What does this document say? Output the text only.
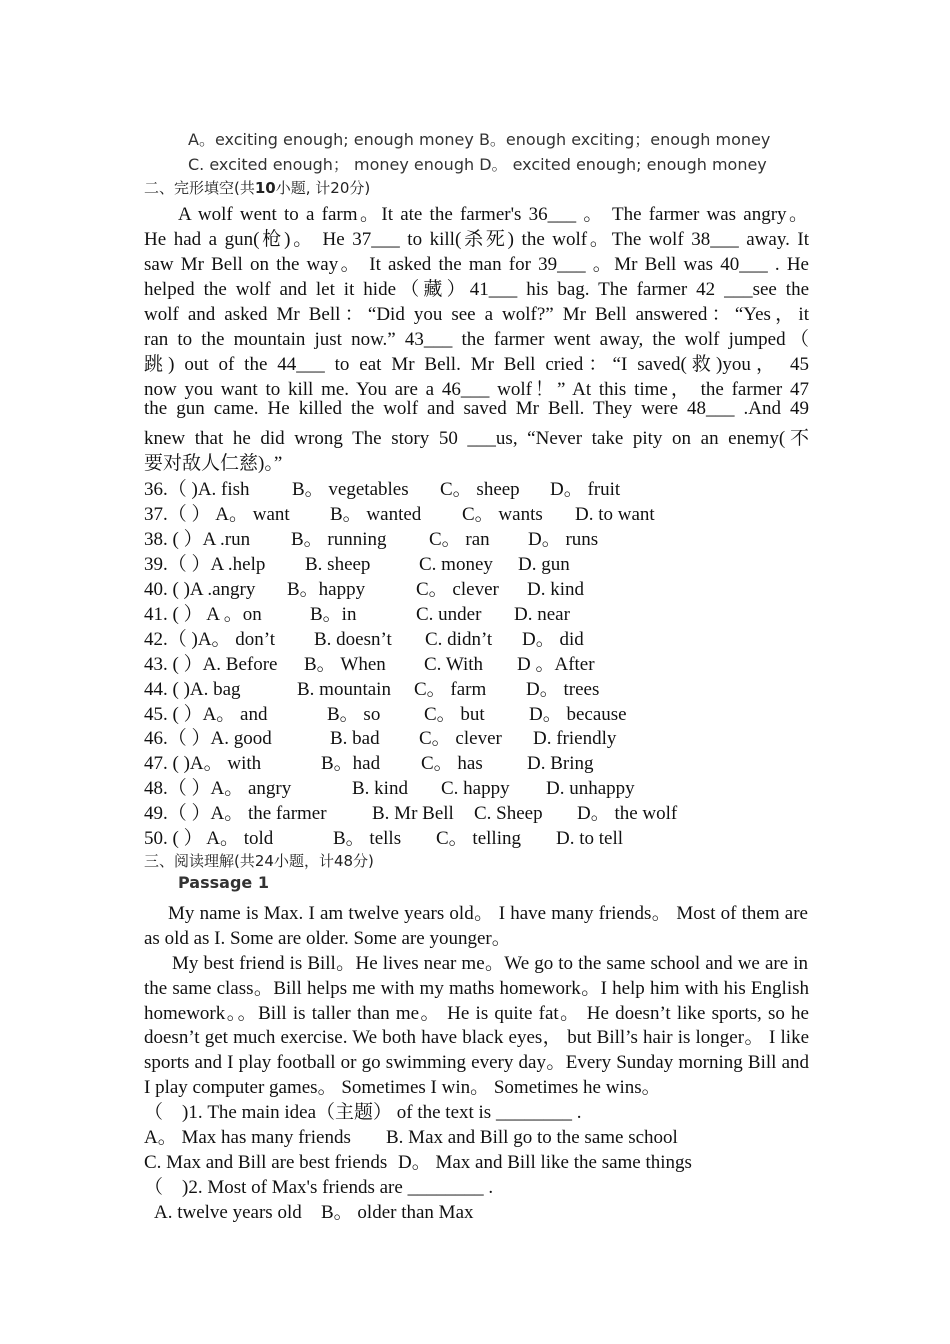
A。exciting enough; enough money B。enough exciting；enough money
C. excited enough； money enough D。 excited enough; enough money
二、完形填空(共10小题, 计20分)
A wolf went to a farm。It ate the farmer's 36___ 。 The farmer was angry。
He had a gun(枪)。 He 37___ to kill(杀死) the wolf。The wolf 38___ away. It
saw Mr Bell on the way。 It asked the man for 39___ 。Mr Bell was 40___ . He
helped the wolf and let it hide（藏）41___ his bag. The farmer 42 ___see the
wolf and asked Mr Bell：“Did you see a wolf?” Mr Bell answered：“Yes，it
ran to the mountain just now.” 43___ the farmer went away, the wolf jumped（
跳) out of the 44___ to eat Mr Bell. Mr Bell cried：“I saved(救)you， 45
now you want to kill me. You are a 46___ wolf！” At this time， the farmer 47
the gun came. He killed the wolf and saved Mr Bell. They were 48___ .And 49
knew that he did wrong The story 50 ___us, “Never take pity on an enemy(不
要对敌人仁慈)。”
36.（ )A. fish B。 vegetables C。 sheep D。 fruit
37.（ ） A。 want B。 wanted C。 wants D. to want
38. ( ）A .run B。 running C。 ran D。 runs
39.（ ）A .help B. sheep	C. money D. gun
40. ( )A .angry B。happy	C。 clever D. kind
41. ( ） A 。on	B。in	C. under D. near
42.（ )A。 don’t B. doesn’t C. didn’t D。 did
43. ( ）A. Before B。 When C. With D 。After
44. ( )A. bag	B. mountain C。 farm D。 trees
45. ( ）A。 and	B。 so C。 but D。 because
46.（ ）A. good	B. bad C。 clever D. friendly
47. ( )A。 with	B。had C。 has D. Bring
48.（ ）A。 angry	B. kind C. happy D. unhappy
49.（ ）A。 the farmer B. Mr Bell C. Sheep D。 the wolf
50. ( ） A。 told	B。 tells C。 telling D. to tell
三、阅读理解(共24小题，计48分)
Passage 1
My name is Max. I am twelve years old。 I have many friends。 Most of them are
as old as I. Some are older. Some are younger。
My best friend is Bill。He lives near me。We go to the same school and we are in
the same class。Bill helps me with my maths homework。I help him with his English
homework。。Bill is taller than me。 He is quite fat。 He doesn’t like sports, so he
doesn’t get much exercise. We both have black eyes， but Bill’s hair is longer。 I like
sports and I play football or go swimming every day。Every Sunday morning Bill and
I play computer games。 Sometimes I win。 Sometimes he wins。
（　)1. The main idea（主题） of the text is ________ .
A。 Max has many friends B. Max and Bill go to the same school
C. Max and Bill are best friends D。 Max and Bill like the same things
（　)2. Most of Max's friends are ________ .
A. twelve years old B。 older than Max
